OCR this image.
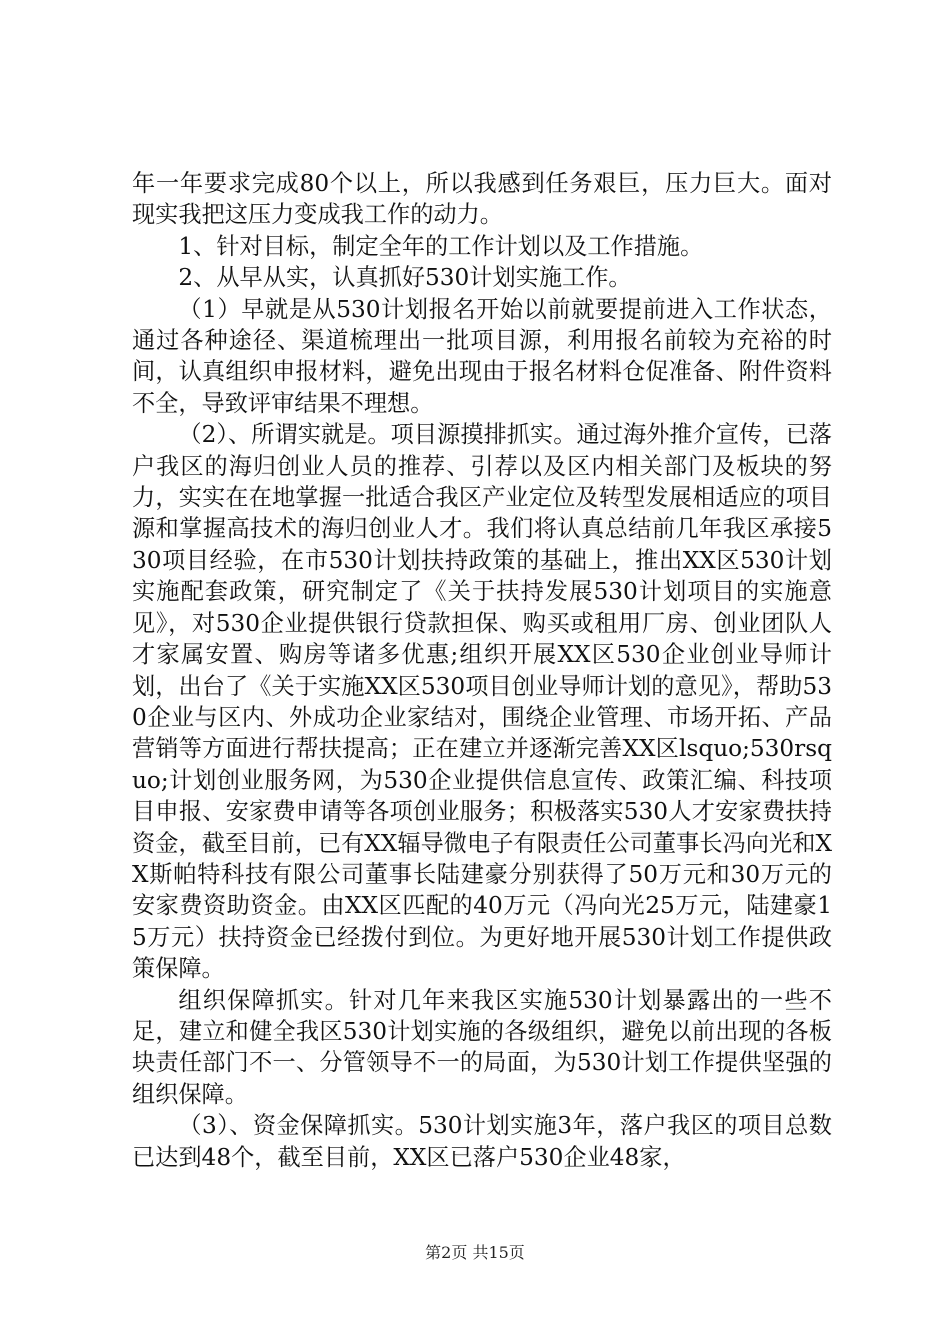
年一年要求完成80个以上，所以我感到任务艰巨，压力巨大。面对现实我把这压力变成我工作的动力。

1、针对目标，制定全年的工作计划以及工作措施。

2、从早从实，认真抓好530计划实施工作。

（1）早就是从530计划报名开始以前就要提前进入工作状态，通过各种途径、渠道梳理出一批项目源，利用报名前较为充裕的时间，认真组织申报材料，避免出现由于报名材料仓促准备、附件资料不全，导致评审结果不理想。

（2）、所谓实就是。项目源摸排抓实。通过海外推介宣传，已落户我区的海归创业人员的推荐、引荐以及区内相关部门及板块的努力，实实在在地掌握一批适合我区产业定位及转型发展相适应的项目源和掌握高技术的海归创业人才。我们将认真总结前几年我区承接530项目经验，在市530计划扶持政策的基础上，推出XX区530计划实施配套政策，研究制定了《关于扶持发展530计划项目的实施意见》，对530企业提供银行贷款担保、购买或租用厂房、创业团队人才家属安置、购房等诸多优惠;组织开展XX区530企业创业导师计划，出台了《关于实施XX区530项目创业导师计划的意见》，帮助530企业与区内、外成功企业家结对，围绕企业管理、市场开拓、产品营销等方面进行帮扶提高；正在建立并逐渐完善XX区lsquo;530rsquo;计划创业服务网，为530企业提供信息宣传、政策汇编、科技项目申报、安家费申请等各项创业服务；积极落实530人才安家费扶持资金，截至目前，已有XX辐导微电子有限责任公司董事长冯向光和XX斯帕特科技有限公司董事长陆建豪分别获得了50万元和30万元的安家费资助资金。由XX区匹配的40万元（冯向光25万元，陆建豪15万元）扶持资金已经拨付到位。为更好地开展530计划工作提供政策保障。

组织保障抓实。针对几年来我区实施530计划暴露出的一些不足，建立和健全我区530计划实施的各级组织，避免以前出现的各板块责任部门不一、分管领导不一的局面，为530计划工作提供坚强的组织保障。

（3）、资金保障抓实。530计划实施3年，落户我区的项目总数已达到48个，截至目前，XX区已落户530企业48家，

第2页 共15页
